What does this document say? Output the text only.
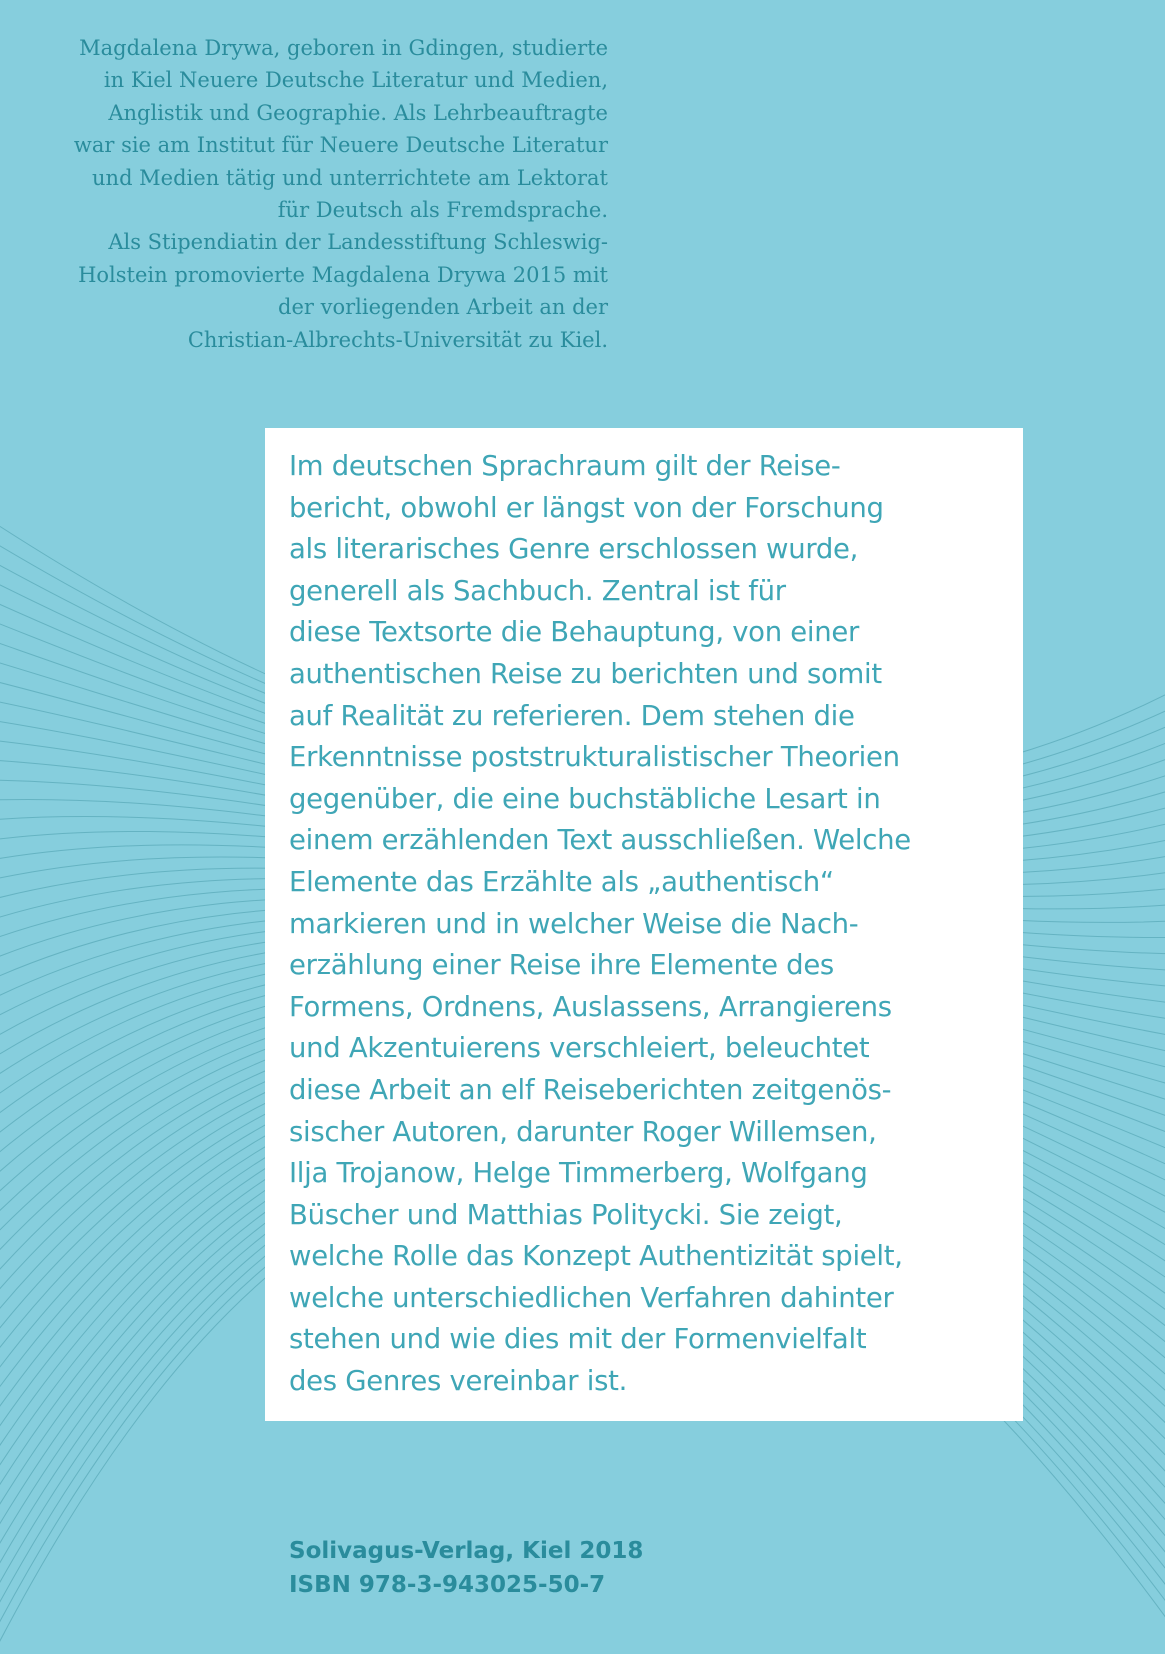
Magdalena Drywa, geboren in Gdingen, studierte
in Kiel Neuere Deutsche Literatur und Medien,
Anglistik und Geographie. Als Lehrbeauftragte
war sie am Institut für Neuere Deutsche Literatur
und Medien tätig und unterrichtete am Lektorat
für Deutsch als Fremdsprache.
Als Stipendiatin der Landesstiftung Schleswig-
Holstein promovierte Magdalena Drywa 2015 mit
der vorliegenden Arbeit an der
Christian-Albrechts-Universität zu Kiel.
Im deutschen Sprachraum gilt der Reise-
bericht, obwohl er längst von der Forschung
als literarisches Genre erschlossen wurde,
generell als Sachbuch. Zentral ist für
diese Textsorte die Behauptung, von einer
authentischen Reise zu berichten und somit
auf Realität zu referieren. Dem stehen die
Erkenntnisse poststrukturalistischer Theorien
gegenüber, die eine buchstäbliche Lesart in
einem erzählenden Text ausschließen. Welche
Elemente das Erzählte als „authentisch“
markieren und in welcher Weise die Nach-
erzählung einer Reise ihre Elemente des
Formens, Ordnens, Auslassens, Arrangierens
und Akzentuierens verschleiert, beleuchtet
diese Arbeit an elf Reiseberichten zeitgenös-
sischer Autoren, darunter Roger Willemsen,
Ilja Trojanow, Helge Timmerberg, Wolfgang
Büscher und Matthias Politycki. Sie zeigt,
welche Rolle das Konzept Authentizität spielt,
welche unterschiedlichen Verfahren dahinter
stehen und wie dies mit der Formenvielfalt
des Genres vereinbar ist.
Solivagus-Verlag, Kiel 2018
ISBN 978-3-943025-50-7
